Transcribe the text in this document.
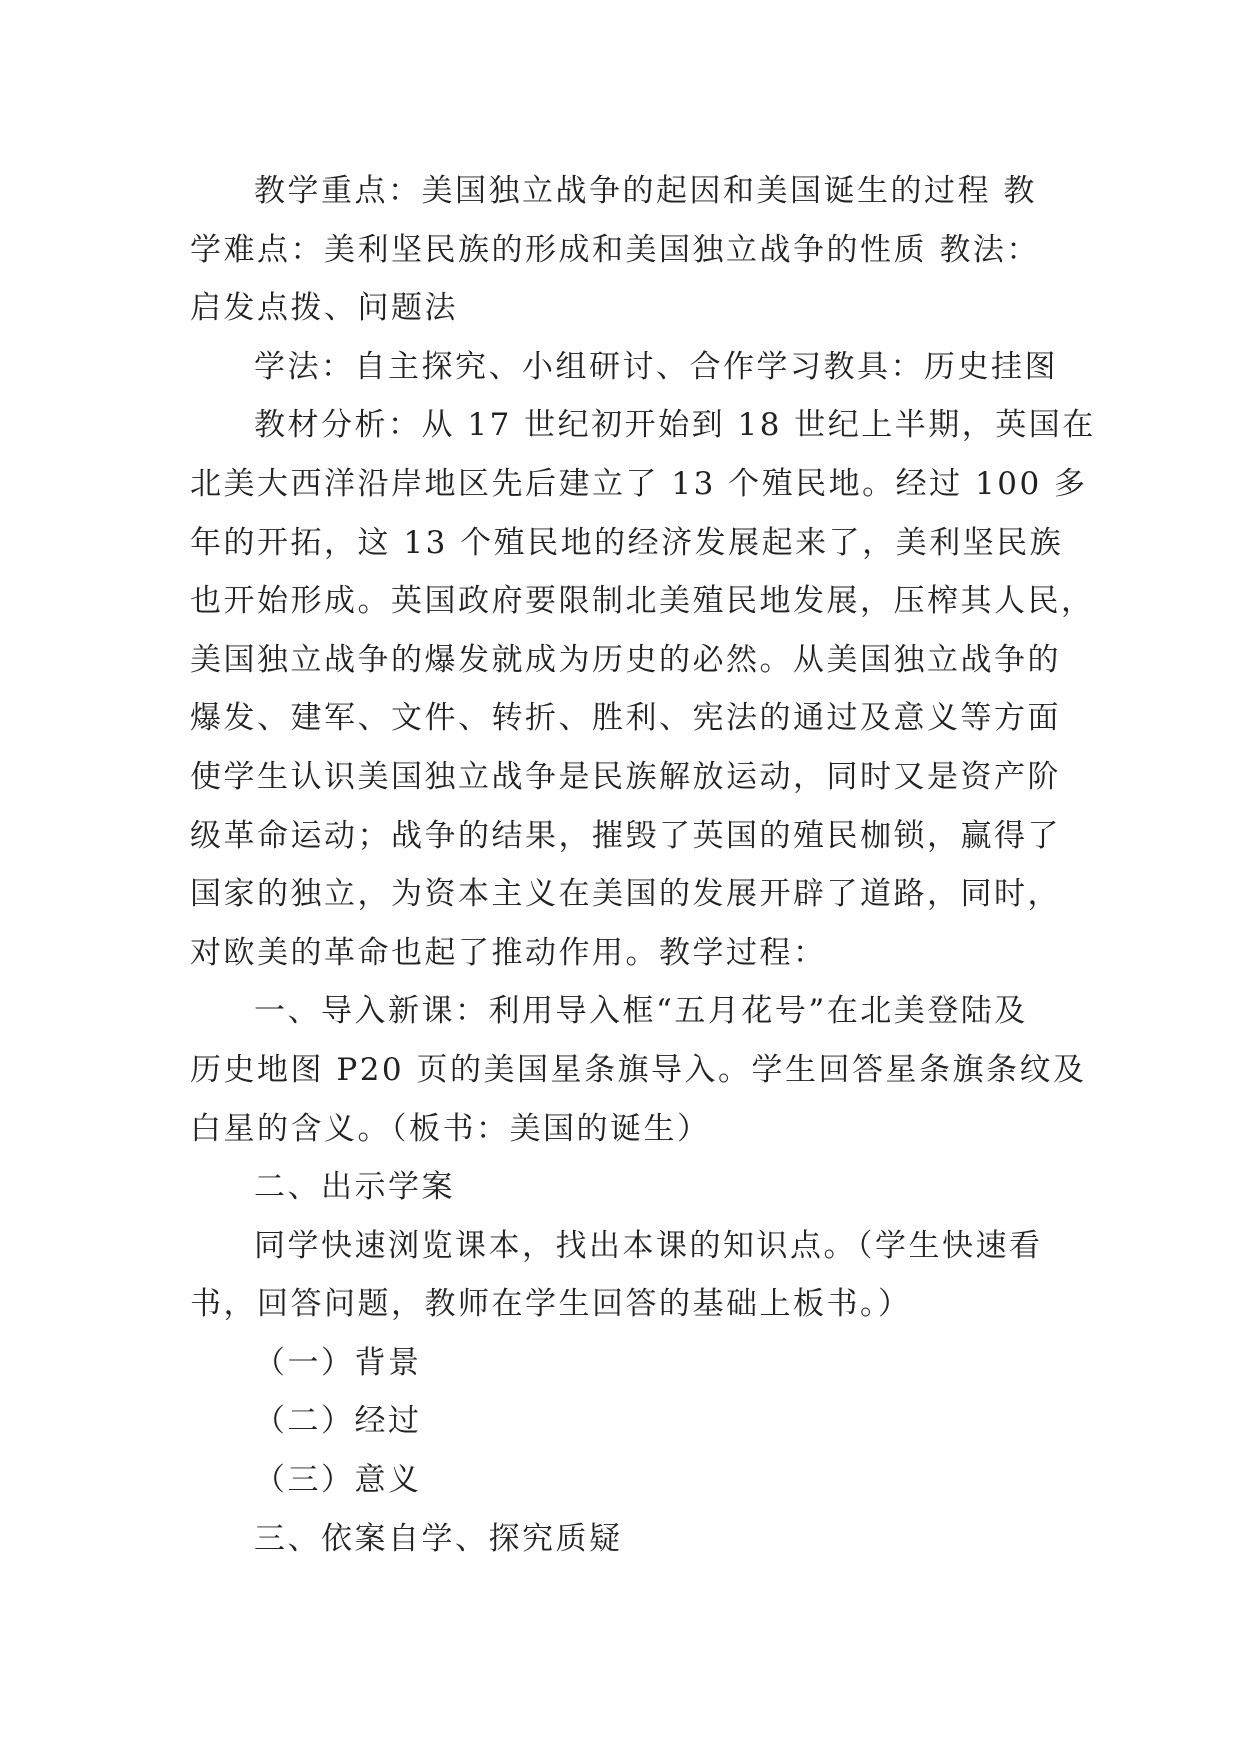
教学重点：美国独立战争的起因和美国诞生的过程 教
学难点：美利坚民族的形成和美国独立战争的性质 教法：
启发点拨、问题法
学法：自主探究、小组研讨、合作学习教具：历史挂图
教材分析：从 17 世纪初开始到 18 世纪上半期，英国在
北美大西洋沿岸地区先后建立了 13 个殖民地。经过 100 多
年的开拓，这 13 个殖民地的经济发展起来了，美利坚民族
也开始形成。英国政府要限制北美殖民地发展，压榨其人民，
美国独立战争的爆发就成为历史的必然。从美国独立战争的
爆发、建军、文件、转折、胜利、宪法的通过及意义等方面
使学生认识美国独立战争是民族解放运动，同时又是资产阶
级革命运动；战争的结果，摧毁了英国的殖民枷锁，赢得了
国家的独立，为资本主义在美国的发展开辟了道路，同时，
对欧美的革命也起了推动作用。教学过程：
一、导入新课：利用导入框“五月花号”在北美登陆及
历史地图 P20 页的美国星条旗导入。学生回答星条旗条纹及
白星的含义。（板书：美国的诞生）
二、出示学案
同学快速浏览课本，找出本课的知识点。（学生快速看
书，回答问题，教师在学生回答的基础上板书。）

（一）背景

（二）经过

（三）意义

三、依案自学、探究质疑
